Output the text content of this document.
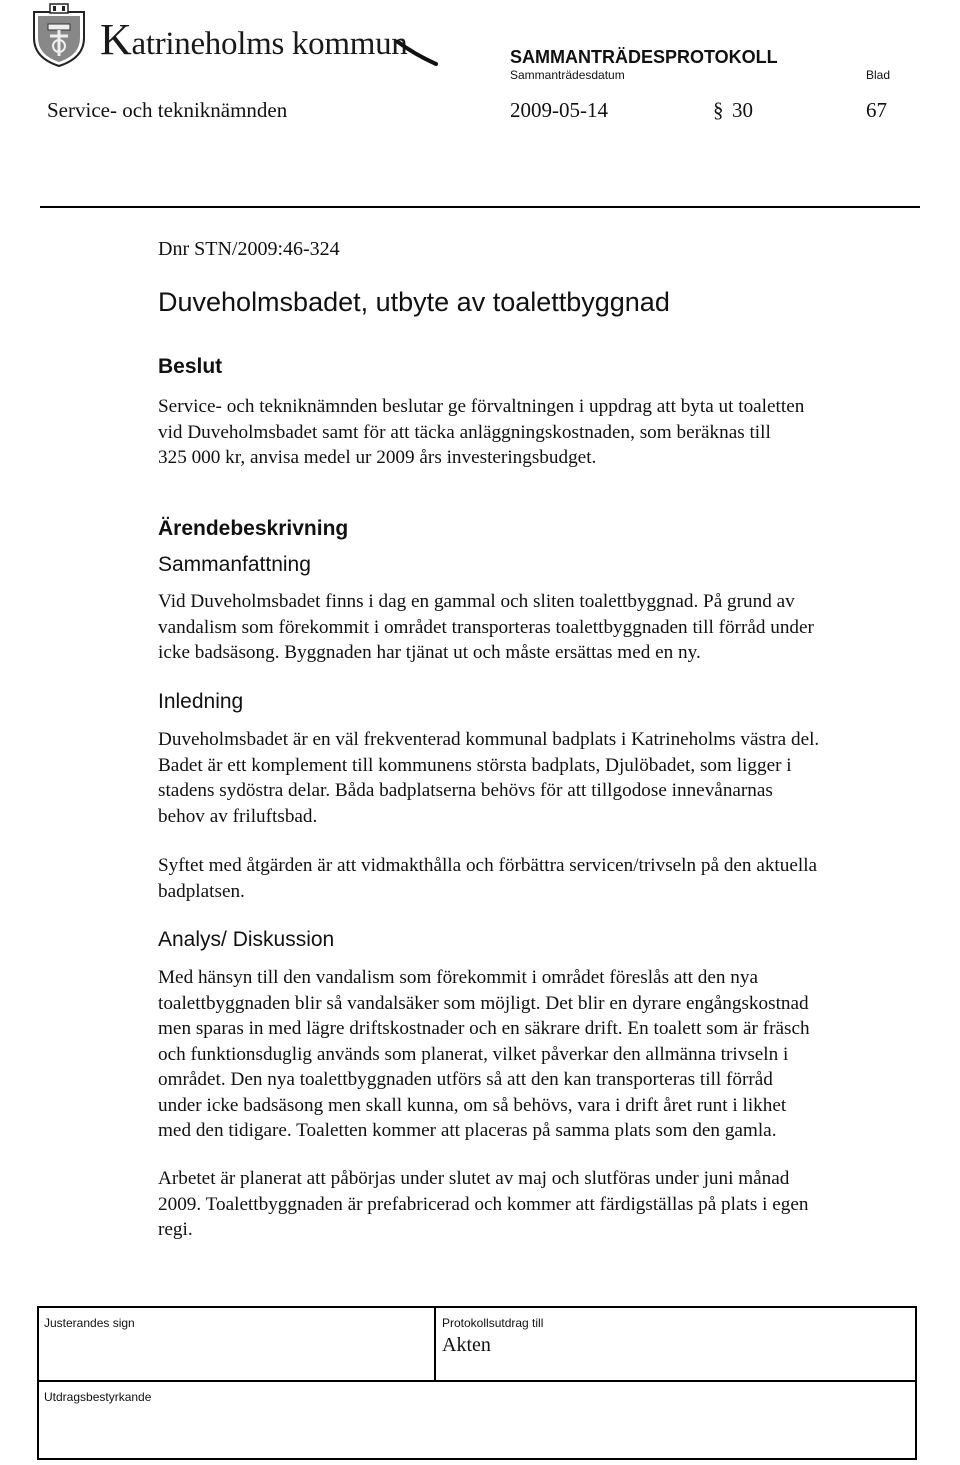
Katrineholms kommun	SAMMANTRÄDESPROTOKOLL
Sammanträdesdatum	Blad
Service- och tekniknämnden	2009-05-14	§ 30	67
Dnr STN/2009:46-324
Duveholmsbadet, utbyte av toalettbyggnad
Beslut
Service- och tekniknämnden beslutar ge förvaltningen i uppdrag att byta ut toaletten
vid Duveholmsbadet samt för att täcka anläggningskostnaden, som beräknas till
325 000 kr, anvisa medel ur 2009 års investeringsbudget.
Ärendebeskrivning
Sammanfattning
Vid Duveholmsbadet finns i dag en gammal och sliten toalettbyggnad. På grund av
vandalism som förekommit i området transporteras toalettbyggnaden till förråd under
icke badsäsong. Byggnaden har tjänat ut och måste ersättas med en ny.
Inledning
Duveholmsbadet är en väl frekventerad kommunal badplats i Katrineholms västra del.
Badet är ett komplement till kommunens största badplats, Djulöbadet, som ligger i
stadens sydöstra delar. Båda badplatserna behövs för att tillgodose innevånarnas
behov av friluftsbad.
Syftet med åtgärden är att vidmakthålla och förbättra servicen/trivseln på den aktuella
badplatsen.
Analys/ Diskussion
Med hänsyn till den vandalism som förekommit i området föreslås att den nya
toalettbyggnaden blir så vandalsäker som möjligt. Det blir en dyrare engångskostnad
men sparas in med lägre driftskostnader och en säkrare drift. En toalett som är fräsch
och funktionsduglig används som planerat, vilket påverkar den allmänna trivseln i
området. Den nya toalettbyggnaden utförs så att den kan transporteras till förråd
under icke badsäsong men skall kunna, om så behövs, vara i drift året runt i likhet
med den tidigare. Toaletten kommer att placeras på samma plats som den gamla.
Arbetet är planerat att påbörjas under slutet av maj och slutföras under juni månad
2009. Toalettbyggnaden är prefabricerad och kommer att färdigställas på plats i egen
regi.
Justerandes sign	Protokollsutdrag till
Akten
Utdragsbestyrkande
